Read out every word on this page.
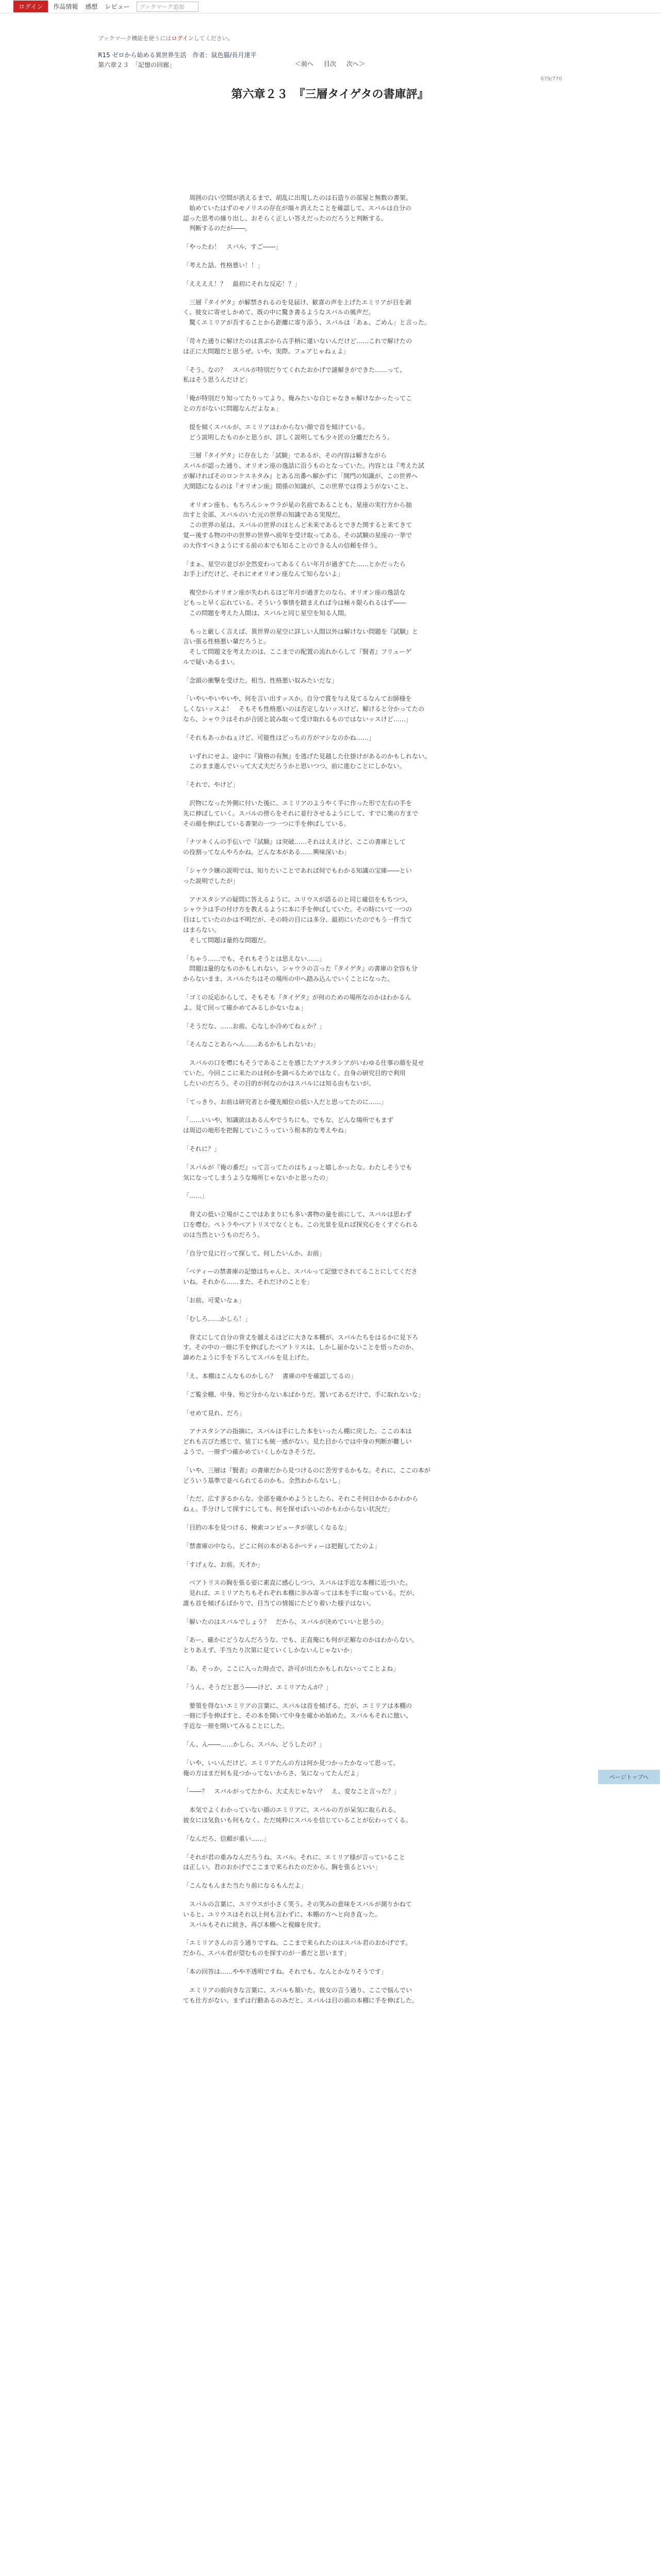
ログイン	作品情報 感想 レビュー	ブックマーク追加
ブックマーク機能を使うにはログインしてください。
R15 ゼロから始める異世界生活　 作者：鼠色猫/長月達平
第六章２３　「記憶の回廊」	＜前へ 目次 次へ＞
679/770
第六章２３　『三層タイゲタの書庫評』

　周囲の白い空間が消えるまで、胡乱に出現したのは石造りの部屋と無数の書架。
　始めていたはずのモノリスの存在が端々消えたことを確認して、スバルは自分の
認った思考の繰り出し、おそらく正しい答えだったのだろうと判断する。
　判断するのだが――。

「やったわ！　スバル、すご――」

「考えた話。性格悪い！！」

「ええええ！？　最初にそれな反応！？」

　三層『タイゲタ』が解禁されるのを見届け、歓喜の声を上げたエミリアが目を剥
く。彼女に寄せしかめて、既の中に驚き書るようなスバルの風声だ。
　驚くエミリアが吾することから距離に寄り添う、スバルは「あぁ、ごめん」と言った。

「苛々た通りに解けたのは喜ぶから古手柄に違いないんだけど……これで解けたの
は正に大問題だと思うぜ。いや、実際、フェアじゃねぇよ」

「そう、なの？　スバルが特別だりてくれたおかげで謎解きができた……って、
私はそう思うんだけど」

「俺が特別だり知ってたりってより、俺みたいな白じゃなきゃ解けなかったってこ
との方がないに問題なんだよなぁ」

　提を傾くスバルが、エミリアはわからない顔で首を傾けている。
　どう説明したものかと思うが、詳しく説明しても少々匠の分離だたろう。

　三層『タイゲタ』に存在した「試験」であるが、その内容は解きながら
スバルが認った通り、オリオン座の逸話に沿うものとなっていた。内容とは『考えた試
が解ければそのロンケスネタみ』とある出番へ解かずに「開門の知識が、この世界へ
大関隠になるのは『オリオン座』間係の知識が、この世界では得ようがないこと。

　オリオン座も、もちろんシャウラが星の名前であることも、星座の実行方から抽
出すと全部、スバルのいた元の世界の知識である実現だ。
　この世界の星は、スバルの世界のほとんど未来であるとできた関すると来てきて
覚ー後する物の中の世界の世界へ前年を受け取ってある。その試験の星座の一挙で
の大作すべきようにする前の本でも知ることのできる人の信頼を伴う。

「まぁ、星空の並びが全然変わってあるくらい年月が過ぎてた……とかだったら
お手上げだけど、それにオオリオン座なんて知らないよ」

　複空からオリオン座が失われるほど年月が過ぎたのなら、オリオン座の逸話な
どもっと早く忘れている。そういう事情を踏まえれば今は極々限られるはず――
　この問題を考えた人間は、スバルと同じ星空を知る人間。

　もっと厳しく言えば、異世界の星空に詳しい人間以外は解けない問題を『試験』と
言い張る性格悪い輩だろうと。
　そして問題文を考えたのは、ここまでの配置の流れからして『賢者』フリューゲ
ルで疑いあるまい。

「念頭の衝撃を受けた。相当、性格悪い奴みたいだな」

「いやいやいやいや、何を言い出すッスか。自分で賞を与え見てるなんてお師様を
しくないッスよ！　そもそも性格悪いのは否定しないッスけど、解けると分かってたの
なら、シャウラはそれが合図と読み取って受け取れるものではないッスけど……」

「それもあっかねぇけど、可能性はどっちの方がマシなのかね……」

　いずれにせよ、途中に『資格の有無』を逃げた見越した仕掛けがあるのかもしれない。
　このまま進んでいって大丈夫だろうかと思いつつ、前に進むことにしかない。

「それで、やけど」

　沢物になった外側に付いた後に、エミリアのようやく手に作った形で左右の手を
先に伸ばしていく。スバルの傍らをそれに並行させるようにして、すでに奥の方まで
その顔を伸ばしている書架の一つ一つに手を伸ばしている。

「ナツキくんの手伝いで『試験』は突破……それはええけど、ここの書庫として
の役割ってなんやろかね。どんな本がある……興味深いわ」

「シャウラ嬢の説明では、知りたいことであれば何でもわかる知識の宝庫――とい
った説明でしたが」

　アナスタシアの疑問に答えるように、ユリウスが語るのと同じ確信をもちつつ、
シャウラは手の付け方を教えるように本に手を伸ばしていた。その時にいて一つの
目はしていたのかは不明だが、その時の目には多分、最初にいたのでもう一件当て
はまらない。
　そして問題は量的な問題だ。

「ちゃう……でも、それもそうとは思えない……」
　問題は量的なものかもしれない。シャウラの言った『タイゲタ』の書庫の全容も分
からないまま、スバルたちはその場所の中へ踏み込んでいくことになった。

「ゴミの反応からして、そもそも『タイゲタ』が何のための場所なのかはわかるん
よ。見て回って確かめてみるしかないなぁ」

「そうだな、……お前、心なしか冷めてねぇか？」

「そんなことあらへん……あるかもしれないわ」

　スバルの口を噤にもそうであることを感じたアナスタシアがいわゆる仕事の顔を見せ
ていた。今回ここに来たのは何かを調べるためではなく、自身の研究目的で利用
したいのだろう。その目的が何なのかはスバルには知る由もないが。

「てっきり、お前は研究者とか優先順位の低い人だと思ってたのに……」

「……いいや、知識欲はあるんやでうちにも。でもな、どんな場所でもまず
は周辺の地形を把握していこうっていう根本的な考えやね」

「それに？」

「スバルが『俺の番だ』って言ってたのはちょっと嬉しかったな。わたしそうでも
気になってしまうような場所じゃないかと思ったの」

「……」

　背丈の低い立場がここではあまりにも多い書物の量を前にして、スバルは思わず
口を噤む。ペトラやベアトリスでなくとも、この光景を見れば探究心をくすぐられる
のは当然というものだろう。

「自分で見に行って探して、何したいんか、お前」

「ベティーの禁書庫の記憶はちゃんと、スバルって記憶でされてることにしてくださ
いね。それから……また、それだけのことを」

「お前、可愛いなぁ」

「むしろ……かしら！」

　背丈にして自分の背丈を越えるほどに大きな本棚が、スバルたちをはるかに見下ろ
す。その中の一冊に手を伸ばしたベアトリスは、しかし届かないことを悟ったのか、
諦めたように手を下ろしてスバルを見上げた。

「え、本棚はこんなものかしら？　書庫の中を確認してるの」

「ご覧全棚、中身、殆ど分からない本ばかりだ。置いてあるだけで、手に取れないな」

「せめて見れ、だろ」

　アナスタシアの指摘に、スバルは手にした本をいったん棚に戻した。ここの本は
どれも古びた感じで、装丁にも統一感がない。見た目からでは中身の判断が難しい
ようで、一冊ずつ確かめていくしかなさそうだ。

「いや、三層は『賢者』の書庫だから見つけるのに苦労するかもな。それに、ここの本が
どういう基準で並べられてるのかも、全然わからないし」

「ただ、広すぎるからな。全部を確かめようとしたら、それこそ何日かかるかわから
ねぇ。手分けして探すにしても、何を探せばいいのかもわからない状況だ」

「目的の本を見つける、検索コンピュータが欲しくなるな」

「禁書庫の中なら、どこに何の本があるかベティーは把握してたのよ」

「すげぇな、お前。天才か」

　ベアトリスの胸を張る姿に素直に感心しつつ、スバルは手近な本棚に近づいた。
　見れば、エミリアたちもそれぞれ本棚に歩み寄っては本を手に取っている。だが、
誰も首を傾げるばかりで、目当ての情報にたどり着いた様子はない。

「解いたのはスバルでしょう？　だから、スバルが決めていいと思うの」

「あー、確かにどうなんだろうな。でも、正直俺にも何が正解なのかはわからない。
とりあえず、手当たり次第に見ていくしかないんじゃないか」

「あ、そっか。ここに入った時点で、許可が出たかもしれないってことよね」

「うん、そうだと思う――けど、エミリアたんが？」

　要領を得ないエミリアの言葉に、スバルは首を傾げる。だが、エミリアは本棚の
一冊に手を伸ばすと、その本を開いて中身を確かめ始めた。スバルもそれに倣い、
手近な一冊を開いてみることにした。

「ん、ん――……かしら、スバル、どうしたの？」

「いや、いいんだけど、エミリアたんの方は何か見つかったかなって思って。
俺の方はまだ何も見つかってないからさ、気になってたんだよ」

「――？　スバルがってたから、大丈夫じゃない？　え、変なこと言った？」

　本気でよくわかっていない顔のエミリアに、スバルの方が呆気に取られる。
彼女には気負いも何もなく、ただ純粋にスバルを信じていることが伝わってくる。

「なんだろ、信頼が重い……」

「それが君の重みなんだろうね、スバル。それに、エミリア様が言っていること
は正しい。君のおかげでここまで来られたのだから、胸を張るといい」

「こんなもんまた当たり前になるもんだよ」

　スバルの言葉に、ユリウスが小さく笑う。その笑みの意味をスバルが測りかねて
いると、ユリウスはそれ以上何も言わずに、本棚の方へと向き直った。
　スバルもそれに続き、再び本棚へと視線を戻す。

「エミリアさんの言う通りですね。ここまで来られたのはスバル君のおかげです。
だから、スバル君が望むものを探すのが一番だと思います」

「本の回答は……やや不透明ですね。それでも、なんとかなりそうです」

　エミリアの前向きな言葉に、スバルも頷いた。彼女の言う通り、ここで悩んでい
ても仕方がない。まずは行動あるのみだと、スバルは目の前の本棚に手を伸ばした。

ページトップへ
